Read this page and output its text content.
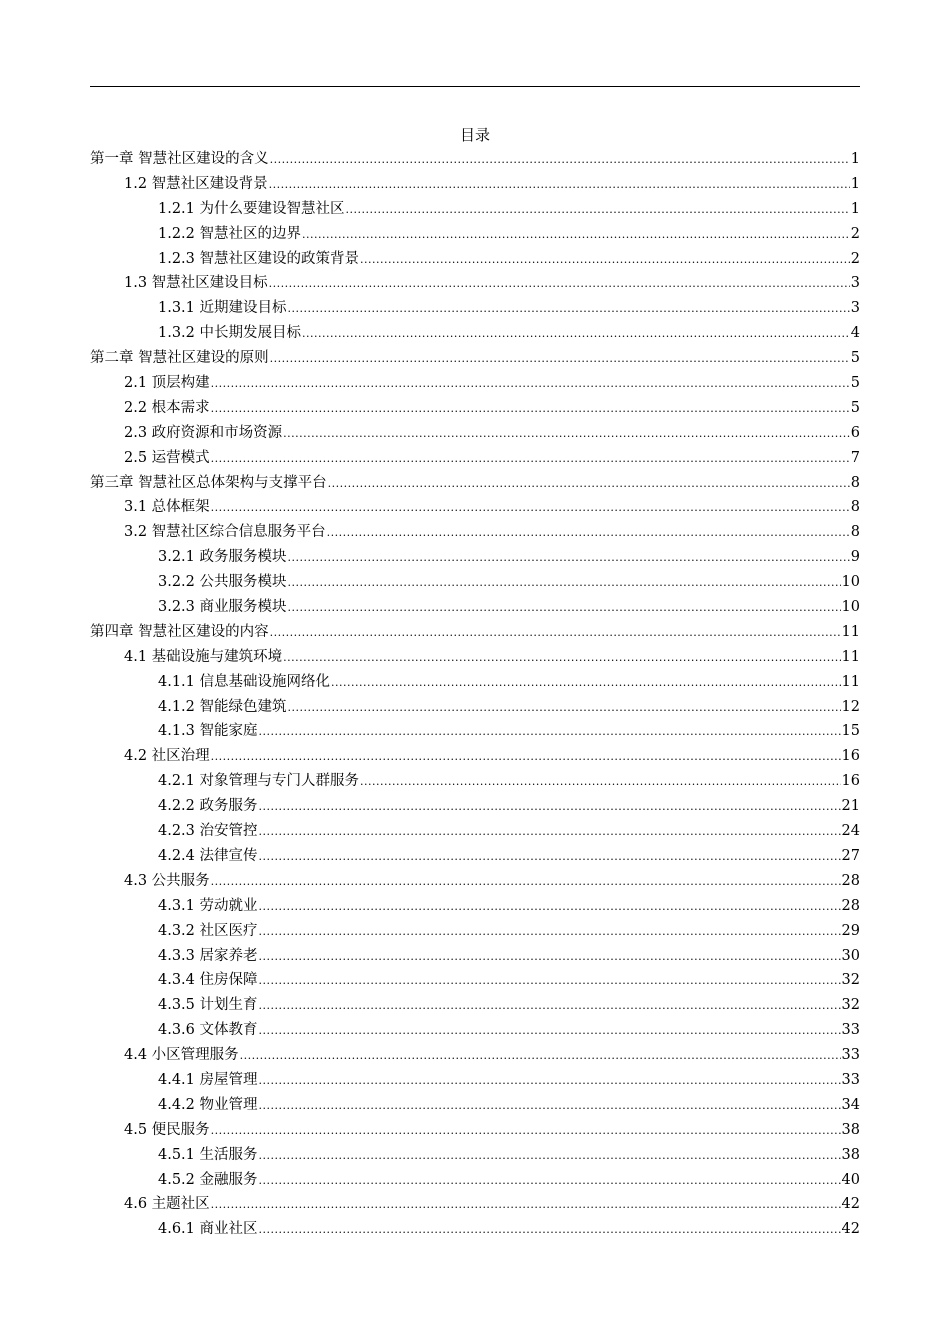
目录
第一章 智慧社区建设的含义 .....	1
1.2 智慧社区建设背景 .....	1
1.2.1 为什么要建设智慧社区 .....	1
1.2.2 智慧社区的边界 .....	2
1.2.3 智慧社区建设的政策背景 .....	2
1.3 智慧社区建设目标 .....	3
1.3.1 近期建设目标 .....	3
1.3.2 中长期发展目标 .....	4
第二章 智慧社区建设的原则 .....	5
2.1 顶层构建 .....	5
2.2 根本需求 .....	5
2.3 政府资源和市场资源 .....	6
2.5 运营模式 .....	7
第三章 智慧社区总体架构与支撑平台 .....	8
3.1 总体框架 .....	8
3.2 智慧社区综合信息服务平台 .....	8
3.2.1 政务服务模块 .....	9
3.2.2 公共服务模块 .....	10
3.2.3 商业服务模块 .....	10
第四章 智慧社区建设的内容 .....	11
4.1 基础设施与建筑环境 .....	11
4.1.1 信息基础设施网络化 .....	11
4.1.2 智能绿色建筑 .....	12
4.1.3 智能家庭 .....	15
4.2 社区治理 .....	16
4.2.1 对象管理与专门人群服务 .....	16
4.2.2 政务服务 .....	21
4.2.3 治安管控 .....	24
4.2.4 法律宣传 .....	27
4.3 公共服务 .....	28
4.3.1 劳动就业 .....	28
4.3.2 社区医疗 .....	29
4.3.3 居家养老 .....	30
4.3.4 住房保障 .....	32
4.3.5 计划生育 .....	32
4.3.6 文体教育 .....	33
4.4 小区管理服务 .....	33
4.4.1 房屋管理 .....	33
4.4.2 物业管理 .....	34
4.5 便民服务 .....	38
4.5.1 生活服务 .....	38
4.5.2 金融服务 .....	40
4.6 主题社区 .....	42
4.6.1 商业社区 .....	42
